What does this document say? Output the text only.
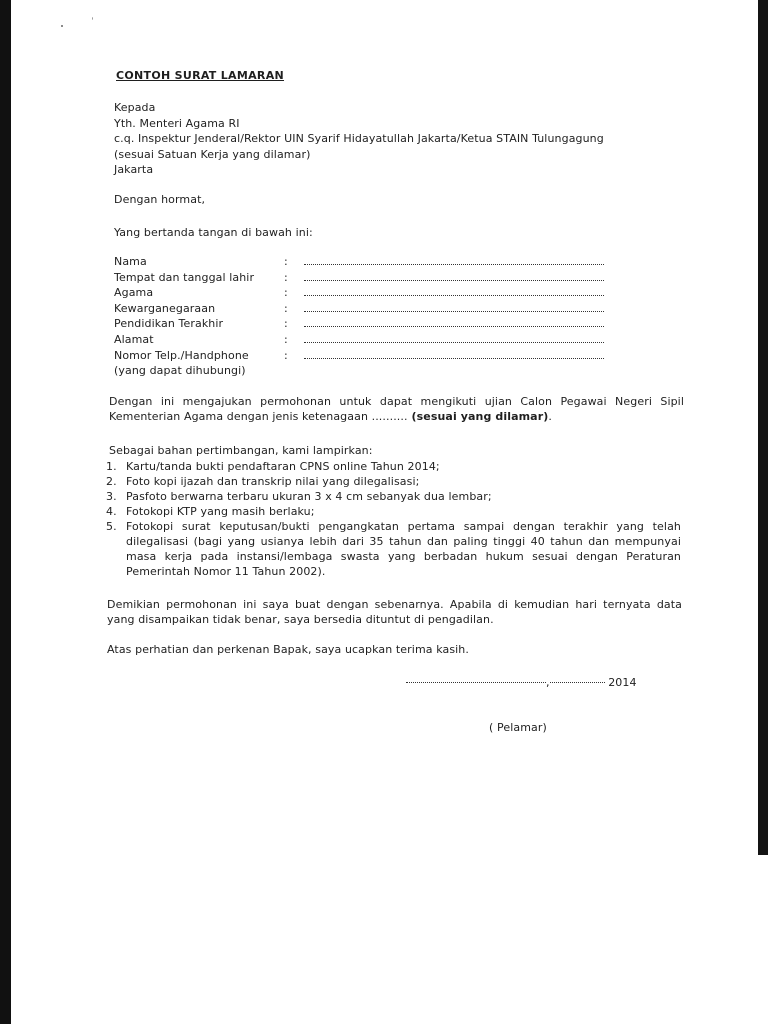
CONTOH SURAT LAMARAN
Kepada
Yth. Menteri Agama RI
c.q. Inspektur Jenderal/Rektor UIN Syarif Hidayatullah Jakarta/Ketua STAIN Tulungagung
(sesuai Satuan Kerja yang dilamar)
Jakarta
Dengan hormat,
Yang bertanda tangan di bawah ini:
Nama	:
Tempat dan tanggal lahir	:
Agama	:
Kewarganegaraan	:
Pendidikan Terakhir	:
Alamat	:
Nomor Telp./Handphone	:
(yang dapat dihubungi)
Dengan ini mengajukan permohonan untuk dapat mengikuti ujian Calon Pegawai Negeri Sipil Kementerian Agama dengan jenis ketenagaan .......... (sesuai yang dilamar).
Sebagai bahan pertimbangan, kami lampirkan:
1. Kartu/tanda bukti pendaftaran CPNS online Tahun 2014;
2. Foto kopi ijazah dan transkrip nilai yang dilegalisasi;
3. Pasfoto berwarna terbaru ukuran 3 x 4 cm sebanyak dua lembar;
4. Fotokopi KTP yang masih berlaku;
5. Fotokopi surat keputusan/bukti pengangkatan pertama sampai dengan terakhir yang telah dilegalisasi (bagi yang usianya lebih dari 35 tahun dan paling tinggi 40 tahun dan mempunyai masa kerja pada instansi/lembaga swasta yang berbadan hukum sesuai dengan Peraturan Pemerintah Nomor 11 Tahun 2002).
Demikian permohonan ini saya buat dengan sebenarnya. Apabila di kemudian hari ternyata data yang disampaikan tidak benar, saya bersedia dituntut di pengadilan.
Atas perhatian dan perkenan Bapak, saya ucapkan terima kasih.
,	2014
( Pelamar)
